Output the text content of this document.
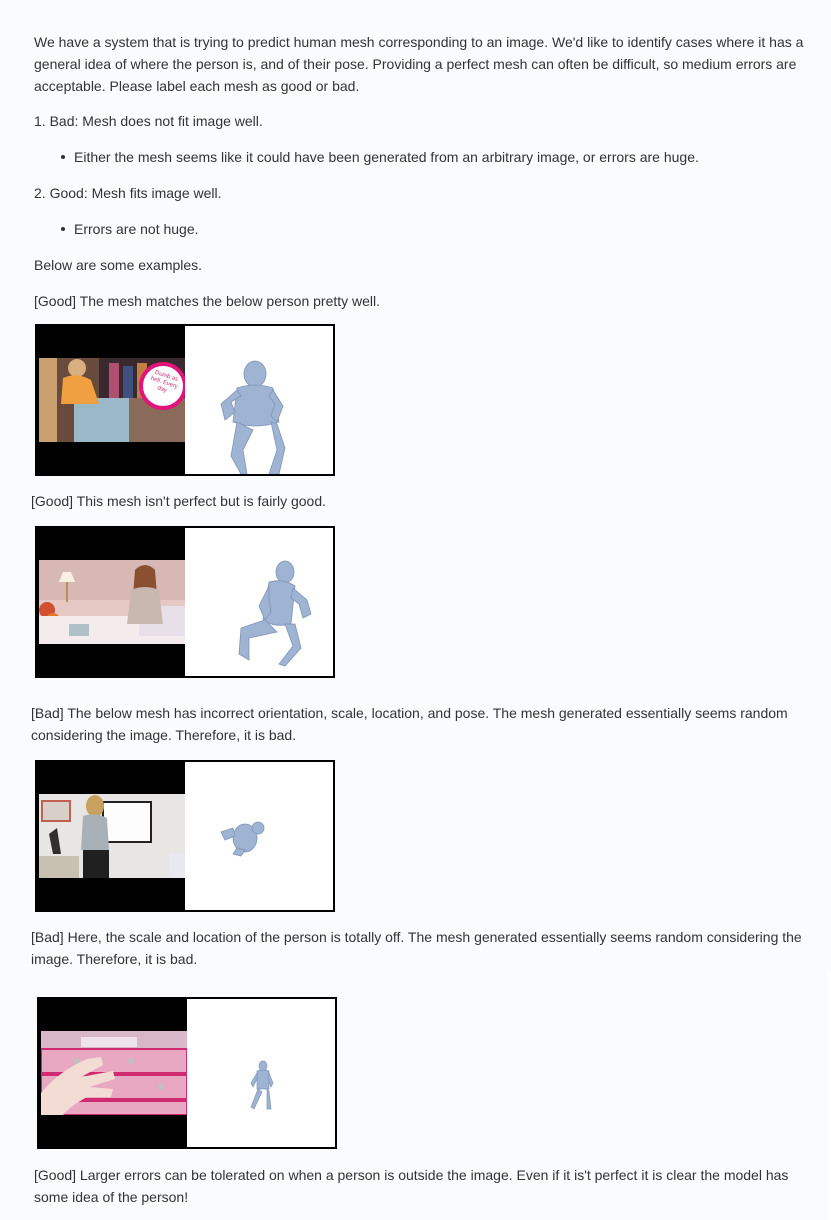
We have a system that is trying to predict human mesh corresponding to an image. We'd like to identify cases where it has a general idea of where the person is, and of their pose. Providing a perfect mesh can often be difficult, so medium errors are acceptable. Please label each mesh as good or bad.

1. Bad: Mesh does not fit image well.

Either the mesh seems like it could have been generated from an arbitrary image, or errors are huge.

2. Good: Mesh fits image well.

Errors are not huge.

Below are some examples.

[Good] The mesh matches the below person pretty well.

Dumb as hell. Every day

[Good] This mesh isn't perfect but is fairly good.

[Bad] The below mesh has incorrect orientation, scale, location, and pose. The mesh generated essentially seems random considering the image. Therefore, it is bad.

[Bad] Here, the scale and location of the person is totally off. The mesh generated essentially seems random considering the image. Therefore, it is bad.

[Good] Larger errors can be tolerated on when a person is outside the image. Even if it is't perfect it is clear the model has some idea of the person!
